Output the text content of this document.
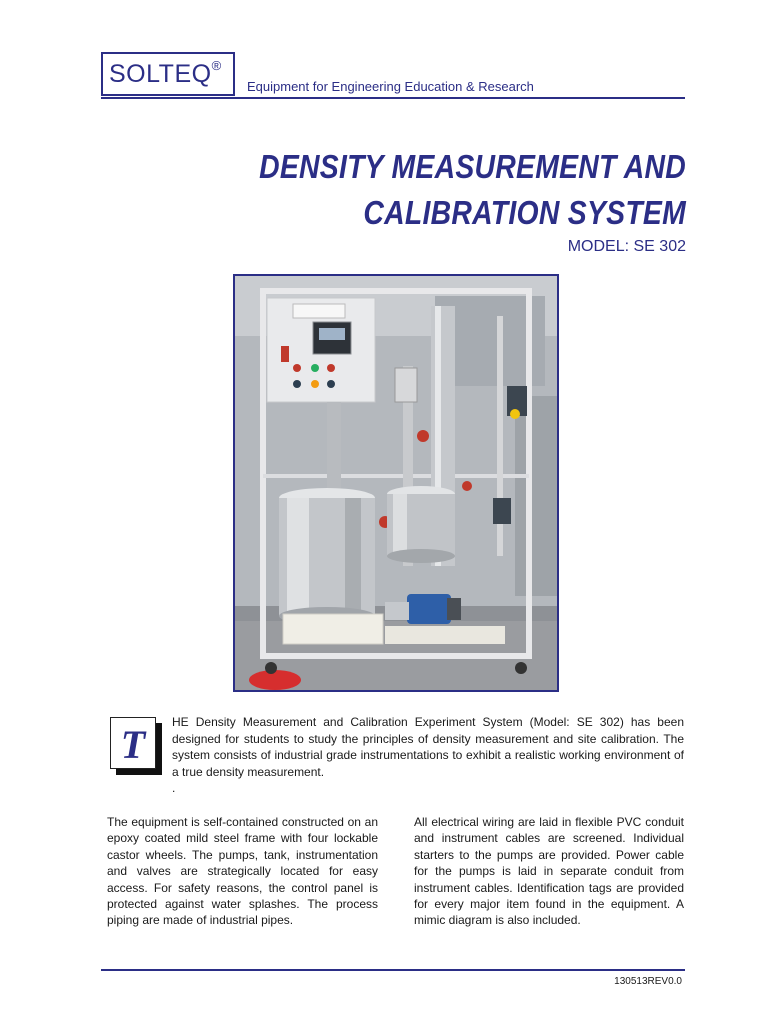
SOLTEQ®
Equipment for Engineering Education & Research
DENSITY MEASUREMENT AND
CALIBRATION SYSTEM
MODEL: SE 302
T	HE Density Measurement and Calibration Experiment System (Model: SE 302) has been designed for students to study the principles of density measurement and site calibration. The system consists of industrial grade instrumentations to exhibit a realistic working environment of a true density measurement.
.
The equipment is self-contained constructed on an epoxy coated mild steel frame with four lockable castor wheels. The pumps, tank, instrumentation and valves are strategically located for easy access. For safety reasons, the control panel is protected against water splashes. The process piping are made of industrial pipes.
All electrical wiring are laid in flexible PVC conduit and instrument cables are screened. Individual starters to the pumps are provided. Power cable for the pumps is laid in separate conduit from instrument cables. Identification tags are provided for every major item found in the equipment. A mimic diagram is also included.
130513REV0.0
